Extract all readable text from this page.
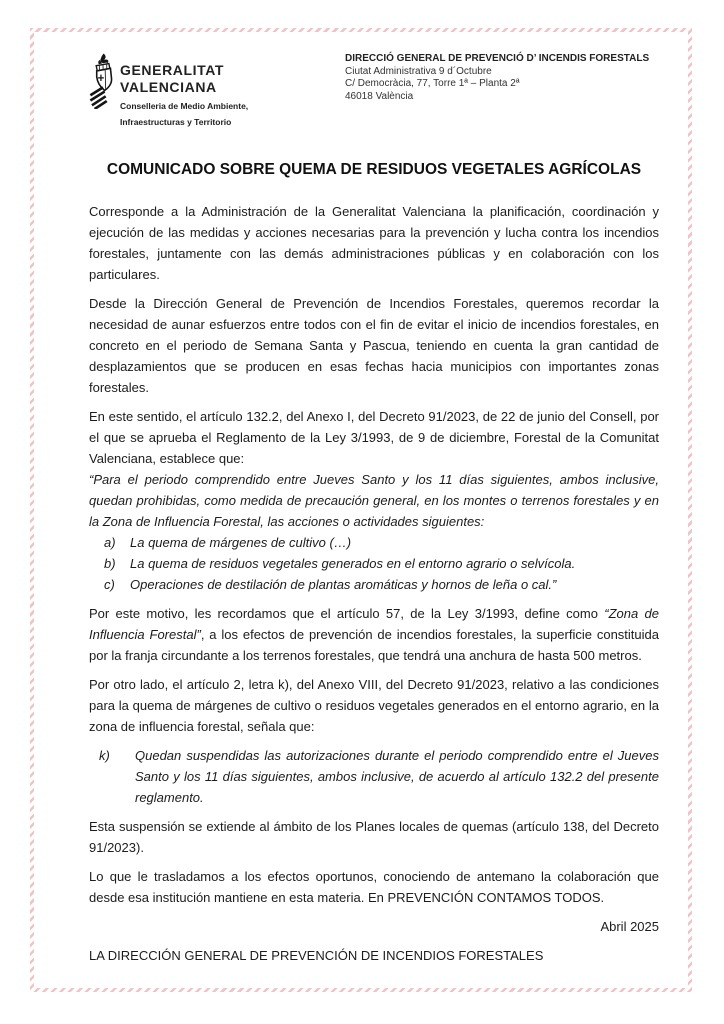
GENERALITAT
VALENCIANA
Conselleria de Medio Ambiente,
Infraestructuras y Territorio
DIRECCIÓ GENERAL DE PREVENCIÓ D’ INCENDIS FORESTALS
Ciutat Administrativa 9 d´Octubre
C/ Democràcia, 77, Torre 1ª – Planta 2ª
46018 València
COMUNICADO SOBRE QUEMA DE RESIDUOS VEGETALES AGRÍCOLAS

Corresponde a la Administración de la Generalitat Valenciana la planificación, coordinación y ejecución de las medidas y acciones necesarias para la prevención y lucha contra los incendios forestales, juntamente con las demás administraciones públicas y en colaboración con los particulares.

Desde la Dirección General de Prevención de Incendios Forestales, queremos recordar la necesidad de aunar esfuerzos entre todos con el fin de evitar el inicio de incendios forestales, en concreto en el periodo de Semana Santa y Pascua, teniendo en cuenta la gran cantidad de desplazamientos que se producen en esas fechas hacia municipios con importantes zonas forestales.

En este sentido, el artículo 132.2, del Anexo I, del Decreto 91/2023, de 22 de junio del Consell, por el que se aprueba el Reglamento de la Ley 3/1993, de 9 de diciembre, Forestal de la Comunitat Valenciana, establece que:

“Para el periodo comprendido entre Jueves Santo y los 11 días siguientes, ambos inclusive, quedan prohibidas, como medida de precaución general, en los montes o terrenos forestales y en la Zona de Influencia Forestal, las acciones o actividades siguientes:

a)	La quema de márgenes de cultivo (…)
b)	La quema de residuos vegetales generados en el entorno agrario o selvícola.
c)	Operaciones de destilación de plantas aromáticas y hornos de leña o cal.”

Por este motivo, les recordamos que el artículo 57, de la Ley 3/1993, define como “Zona de Influencia Forestal”, a los efectos de prevención de incendios forestales, la superficie constituida por la franja circundante a los terrenos forestales, que tendrá una anchura de hasta 500 metros.

Por otro lado, el artículo 2, letra k), del Anexo VIII, del Decreto 91/2023, relativo a las condiciones para la quema de márgenes de cultivo o residuos vegetales generados en el entorno agrario, en la zona de influencia forestal, señala que:

k)	Quedan suspendidas las autorizaciones durante el periodo comprendido entre el Jueves Santo y los 11 días siguientes, ambos inclusive, de acuerdo al artículo 132.2 del presente reglamento.

Esta suspensión se extiende al ámbito de los Planes locales de quemas (artículo 138, del Decreto 91/2023).

Lo que le trasladamos a los efectos oportunos, conociendo de antemano la colaboración que desde esa institución mantiene en esta materia. En PREVENCIÓN CONTAMOS TODOS.

Abril 2025

LA DIRECCIÓN GENERAL DE PREVENCIÓN DE INCENDIOS FORESTALES
